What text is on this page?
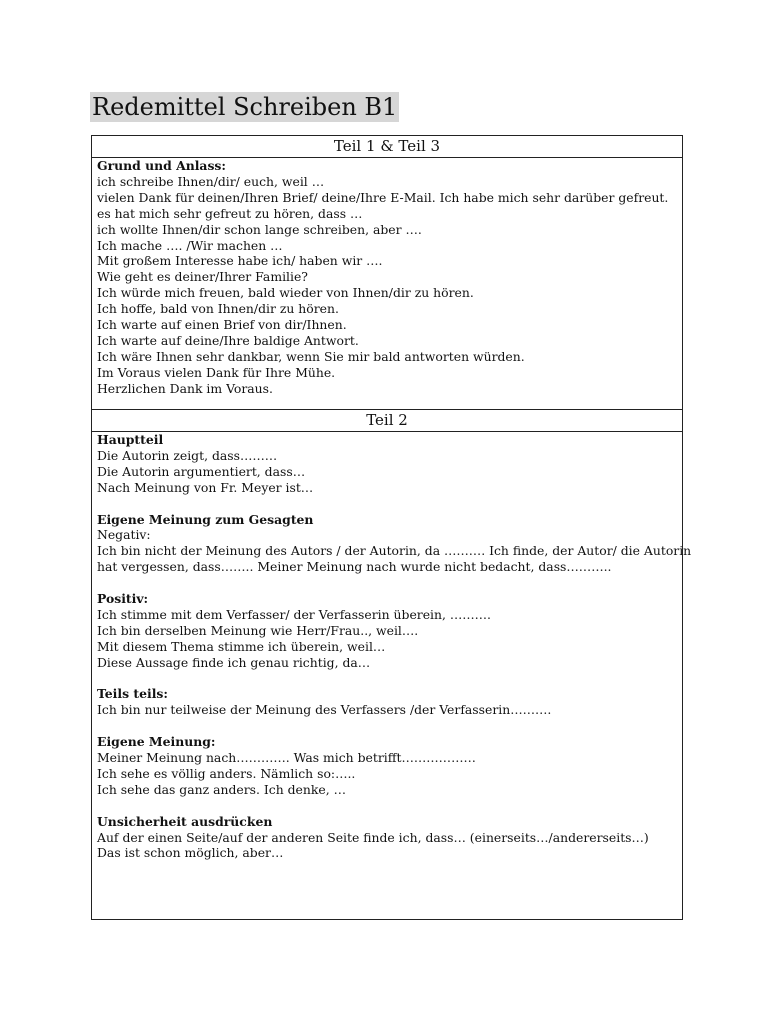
Redemittel Schreiben B1
Teil 1 & Teil 3
Grund und Anlass:
ich schreibe Ihnen/dir/ euch, weil …
vielen Dank für deinen/Ihren Brief/ deine/Ihre E-Mail. Ich habe mich sehr darüber gefreut.
es hat mich sehr gefreut zu hören, dass …
ich wollte Ihnen/dir schon lange schreiben, aber ….
Ich mache …. /Wir machen …
Mit großem Interesse habe ich/ haben wir ….
Wie geht es deiner/Ihrer Familie?
Ich würde mich freuen, bald wieder von Ihnen/dir zu hören.
Ich hoffe, bald von Ihnen/dir zu hören.
Ich warte auf einen Brief von dir/Ihnen.
Ich warte auf deine/Ihre baldige Antwort.
Ich wäre Ihnen sehr dankbar, wenn Sie mir bald antworten würden.
Im Voraus vielen Dank für Ihre Mühe.
Herzlichen Dank im Voraus.
Teil 2
Hauptteil
Die Autorin zeigt, dass………
Die Autorin argumentiert, dass…
Nach Meinung von Fr. Meyer ist…
Eigene Meinung zum Gesagten
Negativ:
Ich bin nicht der Meinung des Autors / der Autorin, da ………. Ich finde, der Autor/ die Autorin
hat vergessen, dass…….. Meiner Meinung nach wurde nicht bedacht, dass………..
Positiv:
Ich stimme mit dem Verfasser/ der Verfasserin überein, ……….
Ich bin derselben Meinung wie Herr/Frau.., weil….
Mit diesem Thema stimme ich überein, weil…
Diese Aussage finde ich genau richtig, da…
Teils teils:
Ich bin nur teilweise der Meinung des Verfassers /der Verfasserin……….
Eigene Meinung:
Meiner Meinung nach…………. Was mich betrifft………………
Ich sehe es völlig anders. Nämlich so:…..
Ich sehe das ganz anders. Ich denke, …
Unsicherheit ausdrücken
Auf der einen Seite/auf der anderen Seite finde ich, dass… (einerseits…/andererseits…)
Das ist schon möglich, aber…
